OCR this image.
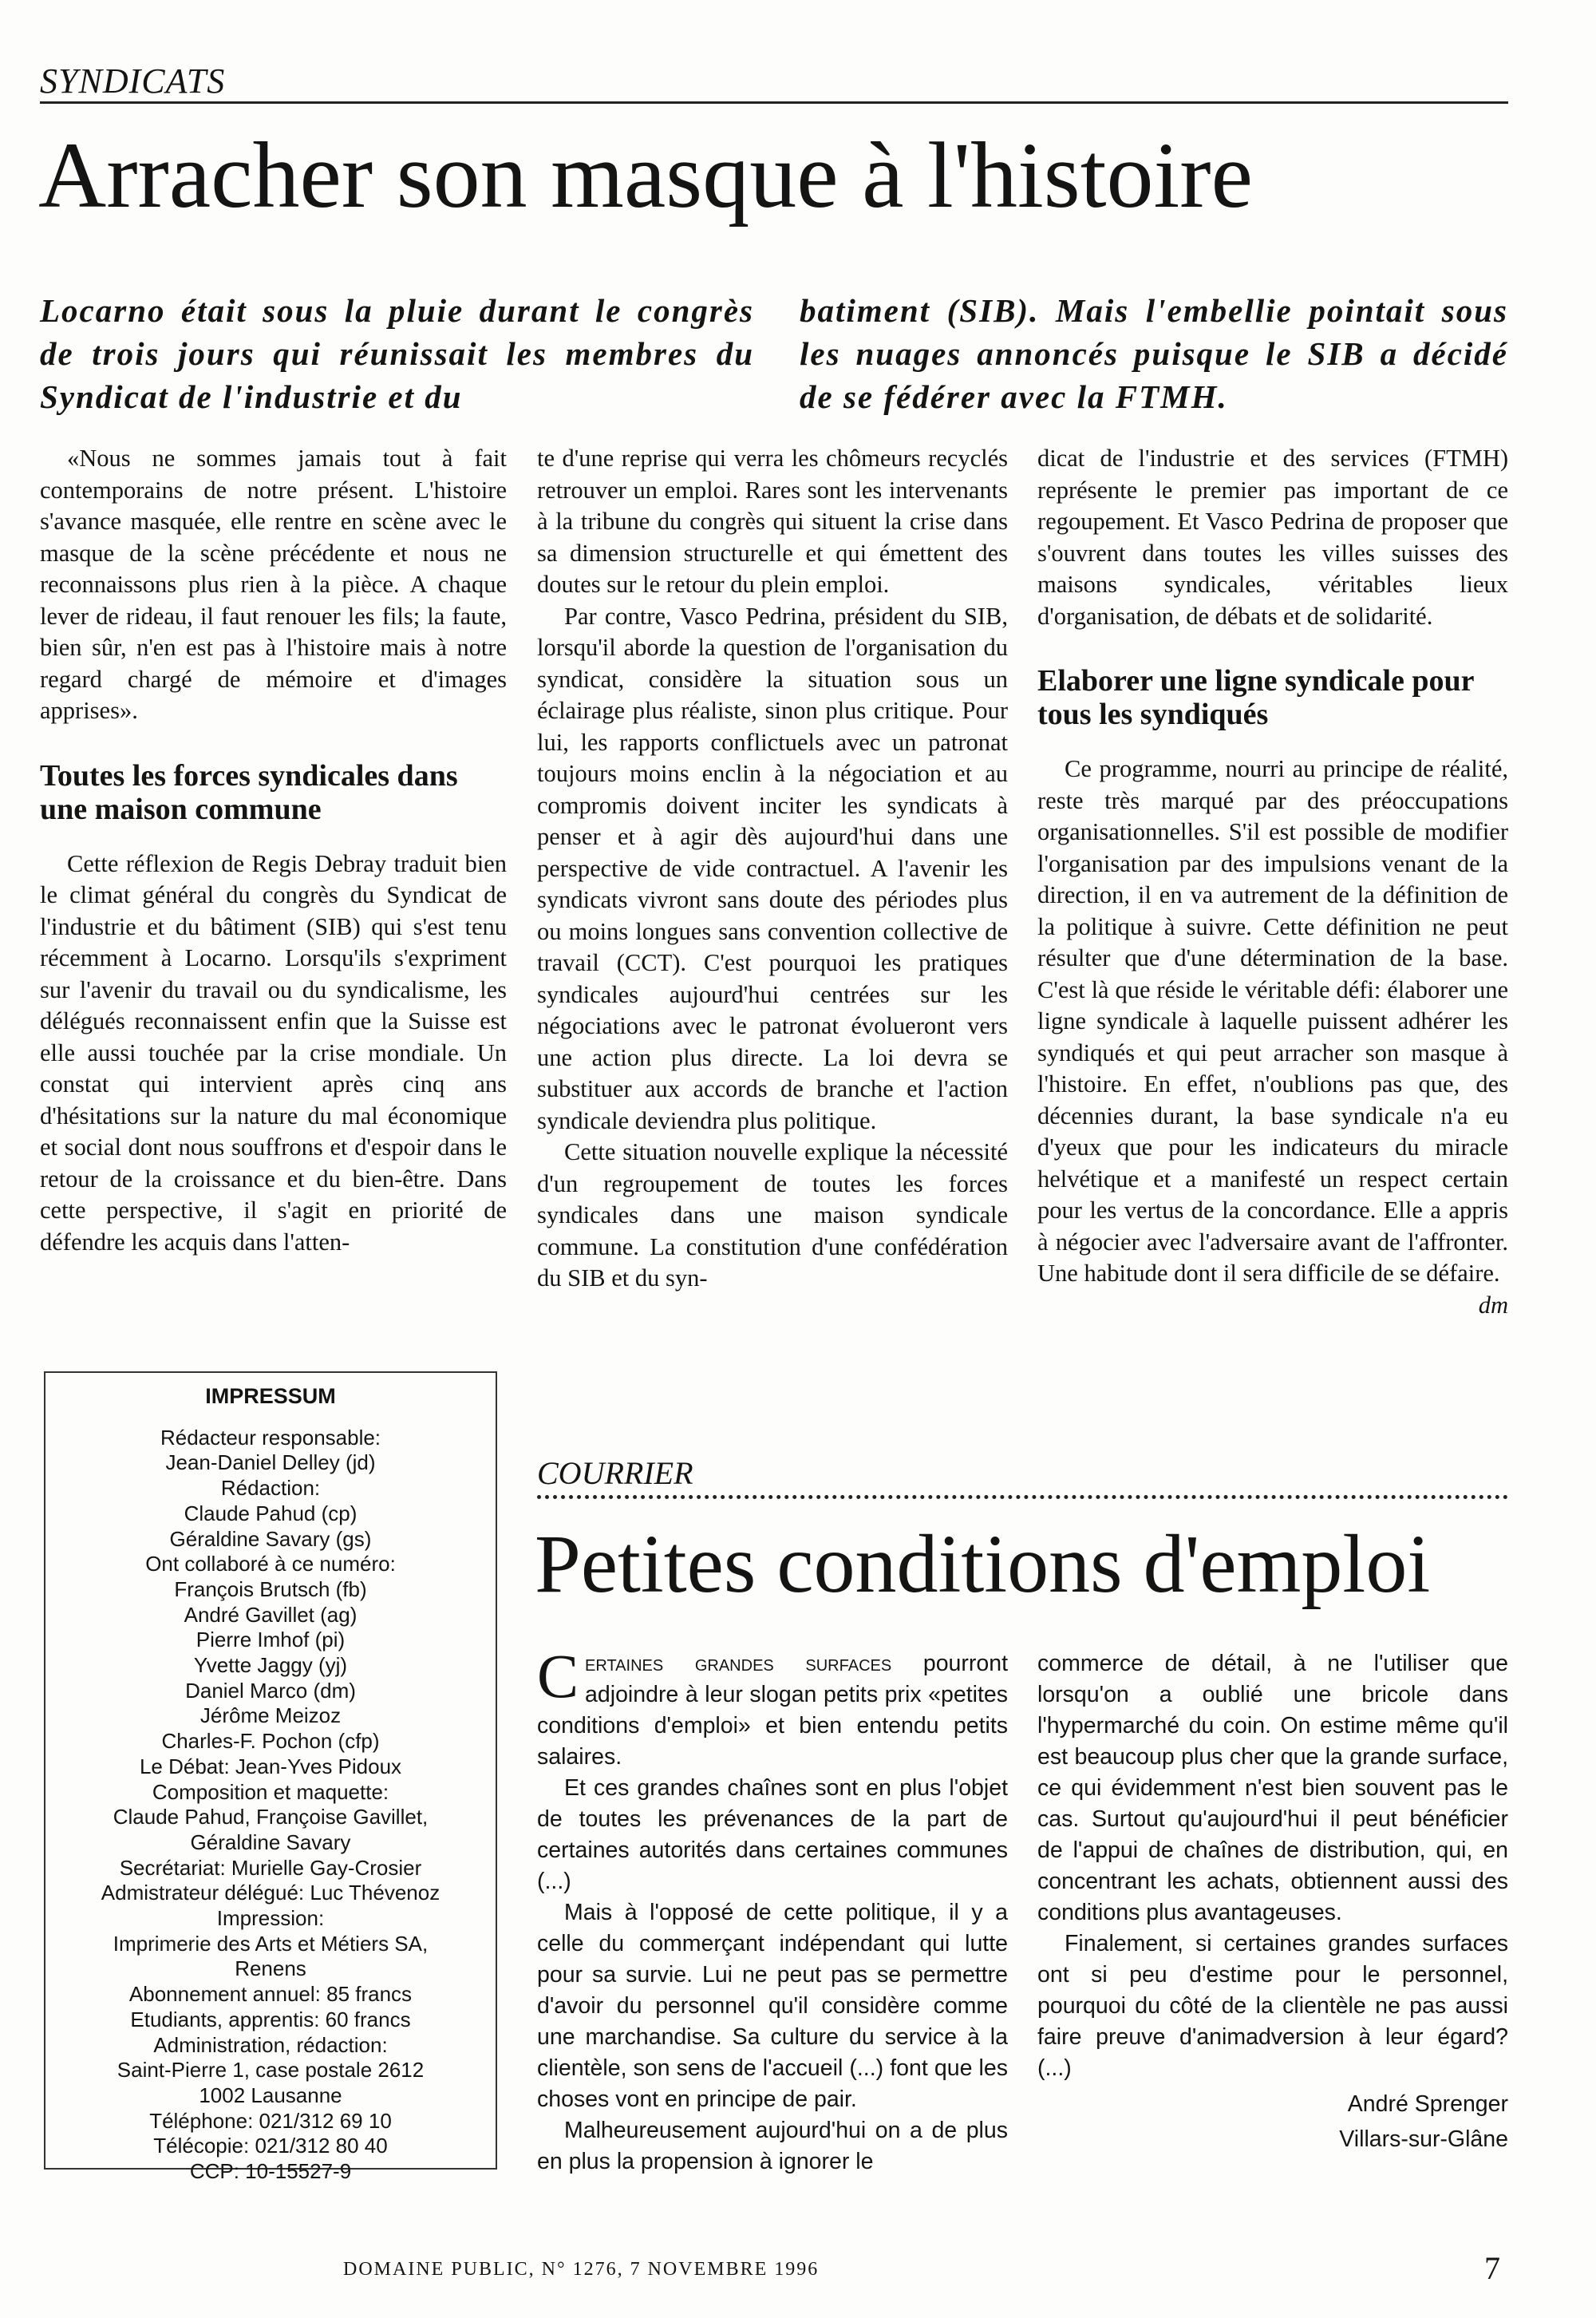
SYNDICATS
Arracher son masque à l'histoire
Locarno était sous la pluie durant le congrès de trois jours qui réunissait les membres du Syndicat de l'industrie et du
batiment (SIB). Mais l'embellie pointait sous les nuages annoncés puisque le SIB a décidé de se fédérer avec la FTMH.

«Nous ne sommes jamais tout à fait contemporains de notre présent. L'histoire s'avance masquée, elle rentre en scène avec le masque de la scène précédente et nous ne reconnaissons plus rien à la pièce. A chaque lever de rideau, il faut renouer les fils; la faute, bien sûr, n'en est pas à l'histoire mais à notre regard chargé de mémoire et d'images apprises».

Toutes les forces syndicales dans une maison commune

Cette réflexion de Regis Debray traduit bien le climat général du congrès du Syndicat de l'industrie et du bâtiment (SIB) qui s'est tenu récemment à Locarno. Lorsqu'ils s'expriment sur l'avenir du travail ou du syndicalisme, les délégués reconnaissent enfin que la Suisse est elle aussi touchée par la crise mondiale. Un constat qui intervient après cinq ans d'hésitations sur la nature du mal économique et social dont nous souffrons et d'espoir dans le retour de la croissance et du bien-être. Dans cette perspective, il s'agit en priorité de défendre les acquis dans l'atten-

te d'une reprise qui verra les chômeurs recyclés retrouver un emploi. Rares sont les intervenants à la tribune du congrès qui situent la crise dans sa dimension structurelle et qui émettent des doutes sur le retour du plein emploi.

Par contre, Vasco Pedrina, président du SIB, lorsqu'il aborde la question de l'organisation du syndicat, considère la situation sous un éclairage plus réaliste, sinon plus critique. Pour lui, les rapports conflictuels avec un patronat toujours moins enclin à la négociation et au compromis doivent inciter les syndicats à penser et à agir dès aujourd'hui dans une perspective de vide contractuel. A l'avenir les syndicats vivront sans doute des périodes plus ou moins longues sans convention collective de travail (CCT). C'est pourquoi les pratiques syndicales aujourd'hui centrées sur les négociations avec le patronat évolueront vers une action plus directe. La loi devra se substituer aux accords de branche et l'action syndicale deviendra plus politique.

Cette situation nouvelle explique la nécessité d'un regroupement de toutes les forces syndicales dans une maison syndicale commune. La constitution d'une confédération du SIB et du syn-

dicat de l'industrie et des services (FTMH) représente le premier pas important de ce regoupement. Et Vasco Pedrina de proposer que s'ouvrent dans toutes les villes suisses des maisons syndicales, véritables lieux d'organisation, de débats et de solidarité.

Elaborer une ligne syndicale pour tous les syndiqués

Ce programme, nourri au principe de réalité, reste très marqué par des préoccupations organisationnelles. S'il est possible de modifier l'organisation par des impulsions venant de la direction, il en va autrement de la définition de la politique à suivre. Cette définition ne peut résulter que d'une détermination de la base. C'est là que réside le véritable défi: élaborer une ligne syndicale à laquelle puissent adhérer les syndiqués et qui peut arracher son masque à l'histoire. En effet, n'oublions pas que, des décennies durant, la base syndicale n'a eu d'yeux que pour les indicateurs du miracle helvétique et a manifesté un respect certain pour les vertus de la concordance. Elle a appris à négocier avec l'adversaire avant de l'affronter. Une habitude dont il sera difficile de se défaire.
dm

IMPRESSUM
Rédacteur responsable:
Jean-Daniel Delley (jd)
Rédaction:
Claude Pahud (cp)
Géraldine Savary (gs)
Ont collaboré à ce numéro:
François Brutsch (fb)
André Gavillet (ag)
Pierre Imhof (pi)
Yvette Jaggy (yj)
Daniel Marco (dm)
Jérôme Meizoz
Charles-F. Pochon (cfp)
Le Débat: Jean-Yves Pidoux
Composition et maquette:
Claude Pahud, Françoise Gavillet,
Géraldine Savary
Secrétariat: Murielle Gay-Crosier
Admistrateur délégué: Luc Thévenoz
Impression:
Imprimerie des Arts et Métiers SA,
Renens
Abonnement annuel: 85 francs
Etudiants, apprentis: 60 francs
Administration, rédaction:
Saint-Pierre 1, case postale 2612
1002 Lausanne
Téléphone: 021/312 69 10
Télécopie: 021/312 80 40
CCP: 10-15527-9
COURRIER
Petites conditions d'emploi

Certaines grandes surfaces pourront adjoindre à leur slogan petits prix «petites conditions d'emploi» et bien entendu petits salaires.

Et ces grandes chaînes sont en plus l'objet de toutes les prévenances de la part de certaines autorités dans certaines communes (...)

Mais à l'opposé de cette politique, il y a celle du commerçant indépendant qui lutte pour sa survie. Lui ne peut pas se permettre d'avoir du personnel qu'il considère comme une marchandise. Sa culture du service à la clientèle, son sens de l'accueil (...) font que les choses vont en principe de pair.

Malheureusement aujourd'hui on a de plus en plus la propension à ignorer le

commerce de détail, à ne l'utiliser que lorsqu'on a oublié une bricole dans l'hypermarché du coin. On estime même qu'il est beaucoup plus cher que la grande surface, ce qui évidemment n'est bien souvent pas le cas. Surtout qu'aujourd'hui il peut bénéficier de l'appui de chaînes de distribution, qui, en concentrant les achats, obtiennent aussi des conditions plus avantageuses.

Finalement, si certaines grandes surfaces ont si peu d'estime pour le personnel, pourquoi du côté de la clientèle ne pas aussi faire preuve d'animadversion à leur égard? (...)

André Sprenger
Villars-sur-Glâne
DOMAINE PUBLIC, N° 1276, 7 NOVEMBRE 1996	7
